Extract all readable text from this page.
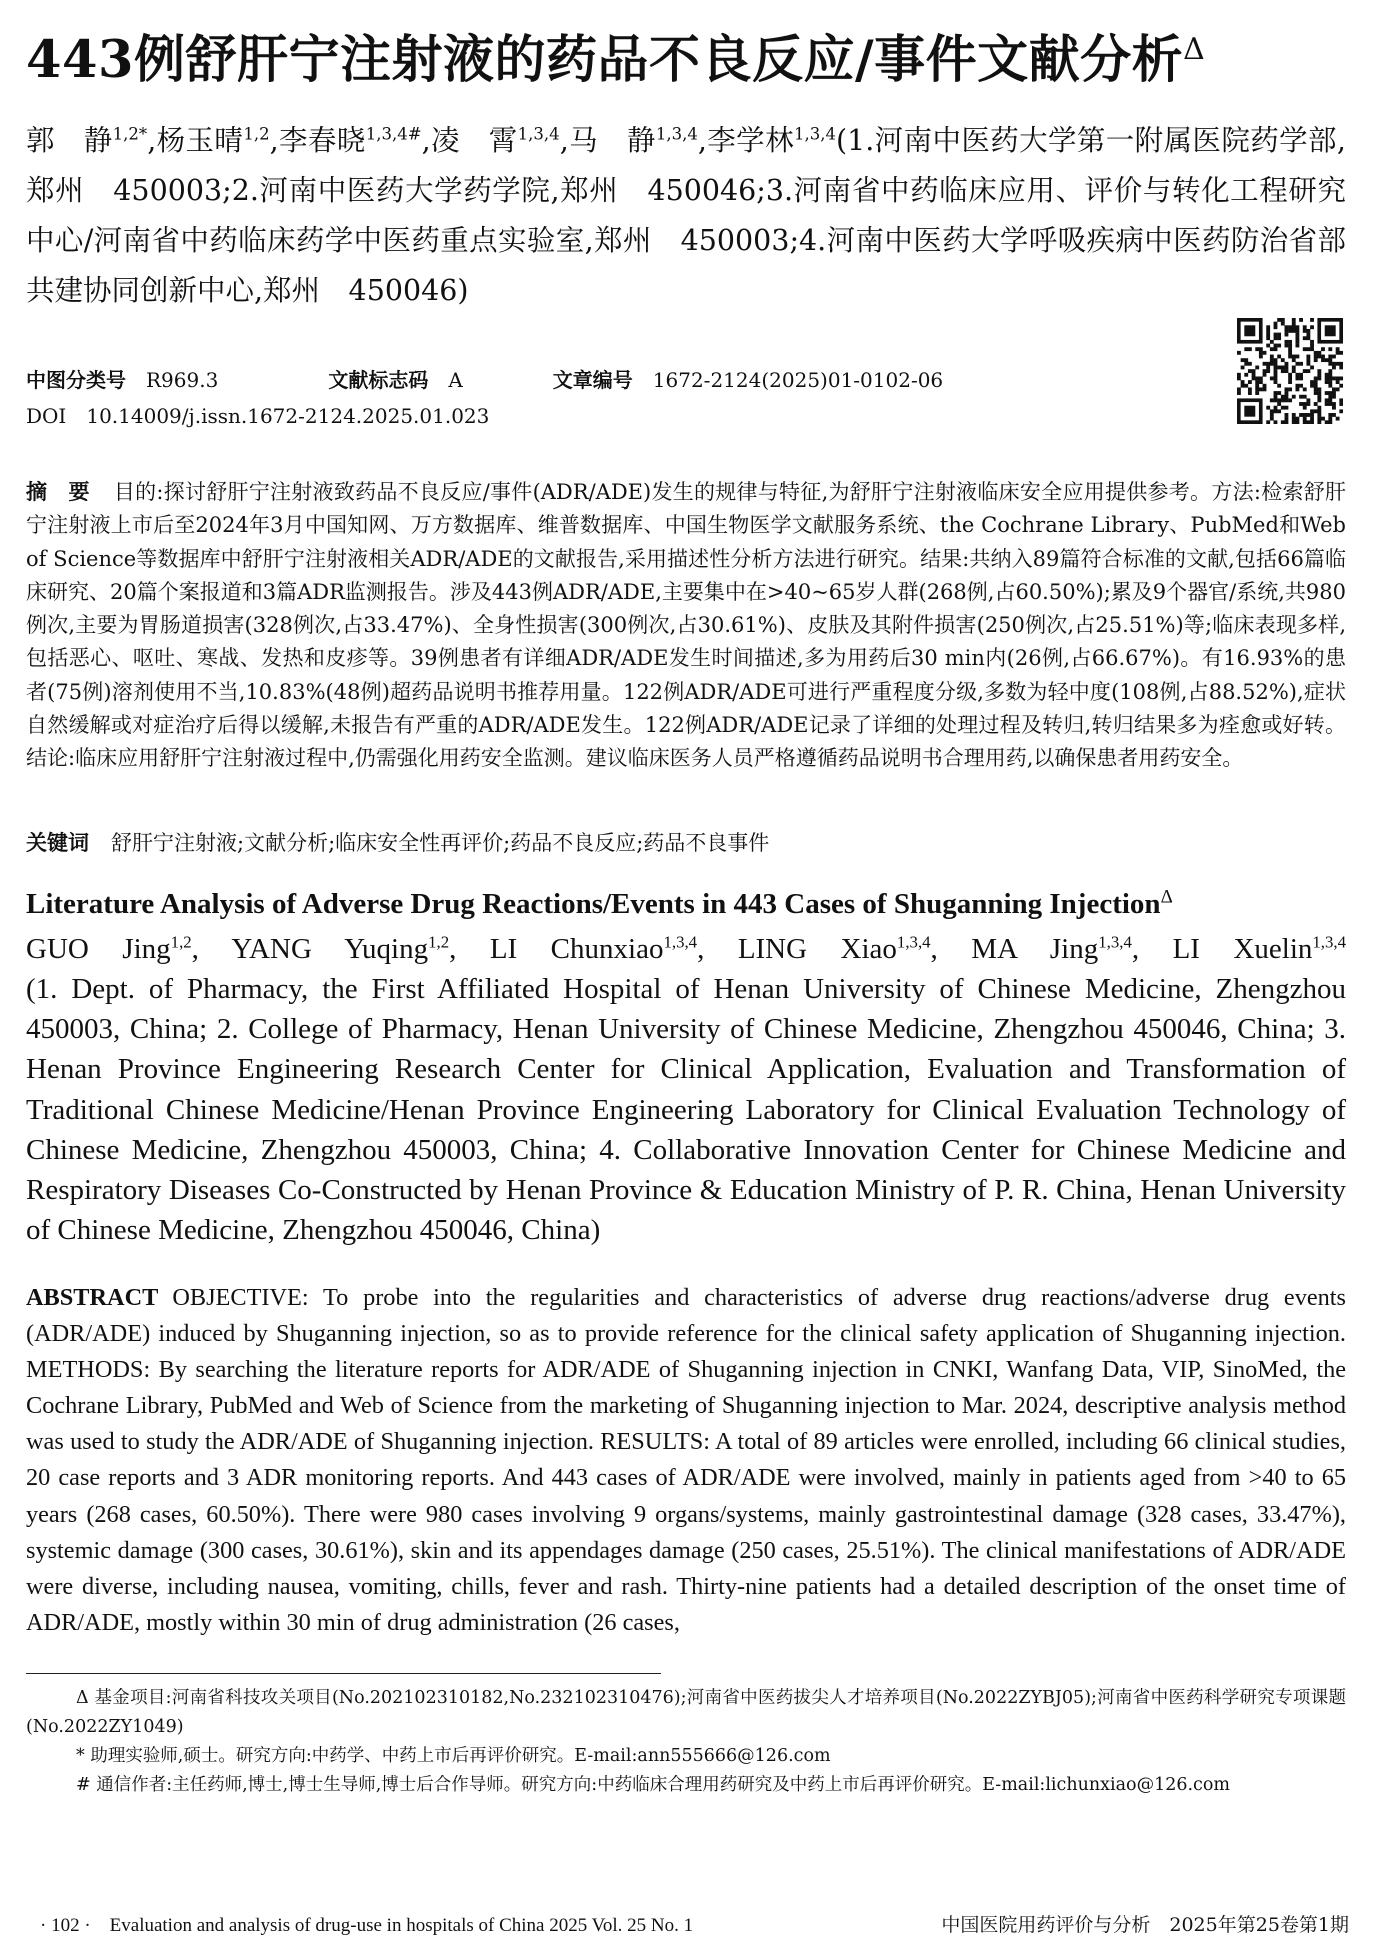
443例舒肝宁注射液的药品不良反应/事件文献分析$^\Delta$
郭　静$^{1,2*}$,杨玉晴$^{1,2}$,李春晓$^{1,3,4\#}$,凌　霄$^{1,3,4}$,马　静$^{1,3,4}$,李学林$^{1,3,4}$(1.河南中医药大学第一附属医院药学部,郑州　450003;2.河南中医药大学药学院,郑州　450046;3.河南省中药临床应用、评价与转化工程研究中心/河南省中药临床药学中医药重点实验室,郑州　450003;4.河南中医药大学呼吸疾病中医药防治省部共建协同创新中心,郑州　450046)
中图分类号　 R969.3	文献标志码　 A	文章编号　 1672-2124(2025)01-0102-06
DOI　 10.14009/j.issn.1672-2124.2025.01.023
摘　要 目的:探讨舒肝宁注射液致药品不良反应/事件(ADR/ADE)发生的规律与特征,为舒肝宁注射液临床安全应用提供参考。方法:检索舒肝宁注射液上市后至2024年3月中国知网、万方数据库、维普数据库、中国生物医学文献服务系统、the Cochrane Library、PubMed和Web of Science等数据库中舒肝宁注射液相关ADR/ADE的文献报告,采用描述性分析方法进行研究。结果:共纳入89篇符合标准的文献,包括66篇临床研究、20篇个案报道和3篇ADR监测报告。涉及443例ADR/ADE,主要集中在>40~65岁人群(268例,占60.50%);累及9个器官/系统,共980例次,主要为胃肠道损害(328例次,占33.47%)、全身性损害(300例次,占30.61%)、皮肤及其附件损害(250例次,占25.51%)等;临床表现多样,包括恶心、呕吐、寒战、发热和皮疹等。39例患者有详细ADR/ADE发生时间描述,多为用药后30 min内(26例,占66.67%)。有16.93%的患者(75例)溶剂使用不当,10.83%(48例)超药品说明书推荐用量。122例ADR/ADE可进行严重程度分级,多数为轻中度(108例,占88.52%),症状自然缓解或对症治疗后得以缓解,未报告有严重的ADR/ADE发生。122例ADR/ADE记录了详细的处理过程及转归,转归结果多为痊愈或好转。结论:临床应用舒肝宁注射液过程中,仍需强化用药安全监测。建议临床医务人员严格遵循药品说明书合理用药,以确保患者用药安全。
关键词 舒肝宁注射液;文献分析;临床安全性再评价;药品不良反应;药品不良事件
Literature Analysis of Adverse Drug Reactions/Events in 443 Cases of Shuganning Injection$^\Delta$
GUO Jing$^{1,2}$, YANG Yuqing$^{1,2}$, LI Chunxiao$^{1,3,4}$, LING Xiao$^{1,3,4}$, MA Jing$^{1,3,4}$, LI Xuelin$^{1,3,4}$
(1. Dept. of Pharmacy, the First Affiliated Hospital of Henan University of Chinese Medicine, Zhengzhou 450003, China; 2. College of Pharmacy, Henan University of Chinese Medicine, Zhengzhou 450046, China; 3. Henan Province Engineering Research Center for Clinical Application, Evaluation and Transformation of Traditional Chinese Medicine/Henan Province Engineering Laboratory for Clinical Evaluation Technology of Chinese Medicine, Zhengzhou 450003, China; 4. Collaborative Innovation Center for Chinese Medicine and Respiratory Diseases Co-Constructed by Henan Province & Education Ministry of P. R. China, Henan University of Chinese Medicine, Zhengzhou 450046, China)
ABSTRACT OBJECTIVE: To probe into the regularities and characteristics of adverse drug reactions/adverse drug events (ADR/ADE) induced by Shuganning injection, so as to provide reference for the clinical safety application of Shuganning injection. METHODS: By searching the literature reports for ADR/ADE of Shuganning injection in CNKI, Wanfang Data, VIP, SinoMed, the Cochrane Library, PubMed and Web of Science from the marketing of Shuganning injection to Mar. 2024, descriptive analysis method was used to study the ADR/ADE of Shuganning injection. RESULTS: A total of 89 articles were enrolled, including 66 clinical studies, 20 case reports and 3 ADR monitoring reports. And 443 cases of ADR/ADE were involved, mainly in patients aged from >40 to 65 years (268 cases, 60.50%). There were 980 cases involving 9 organs/systems, mainly gastrointestinal damage (328 cases, 33.47%), systemic damage (300 cases, 30.61%), skin and its appendages damage (250 cases, 25.51%). The clinical manifestations of ADR/ADE were diverse, including nausea, vomiting, chills, fever and rash. Thirty-nine patients had a detailed description of the onset time of ADR/ADE, mostly within 30 min of drug administration (26 cases,

Δ 基金项目:河南省科技攻关项目(No.202102310182,No.232102310476);河南省中医药拔尖人才培养项目(No.2022ZYBJ05);河南省中医药科学研究专项课题(No.2022ZY1049)

* 助理实验师,硕士。研究方向:中药学、中药上市后再评价研究。E-mail:ann555666@126.com

# 通信作者:主任药师,博士,博士生导师,博士后合作导师。研究方向:中药临床合理用药研究及中药上市后再评价研究。E-mail:lichunxiao@126.com

· 102 ·　Evaluation and analysis of drug-use in hospitals of China 2025 Vol. 25 No. 1	中国医院用药评价与分析　2025年第25卷第1期
